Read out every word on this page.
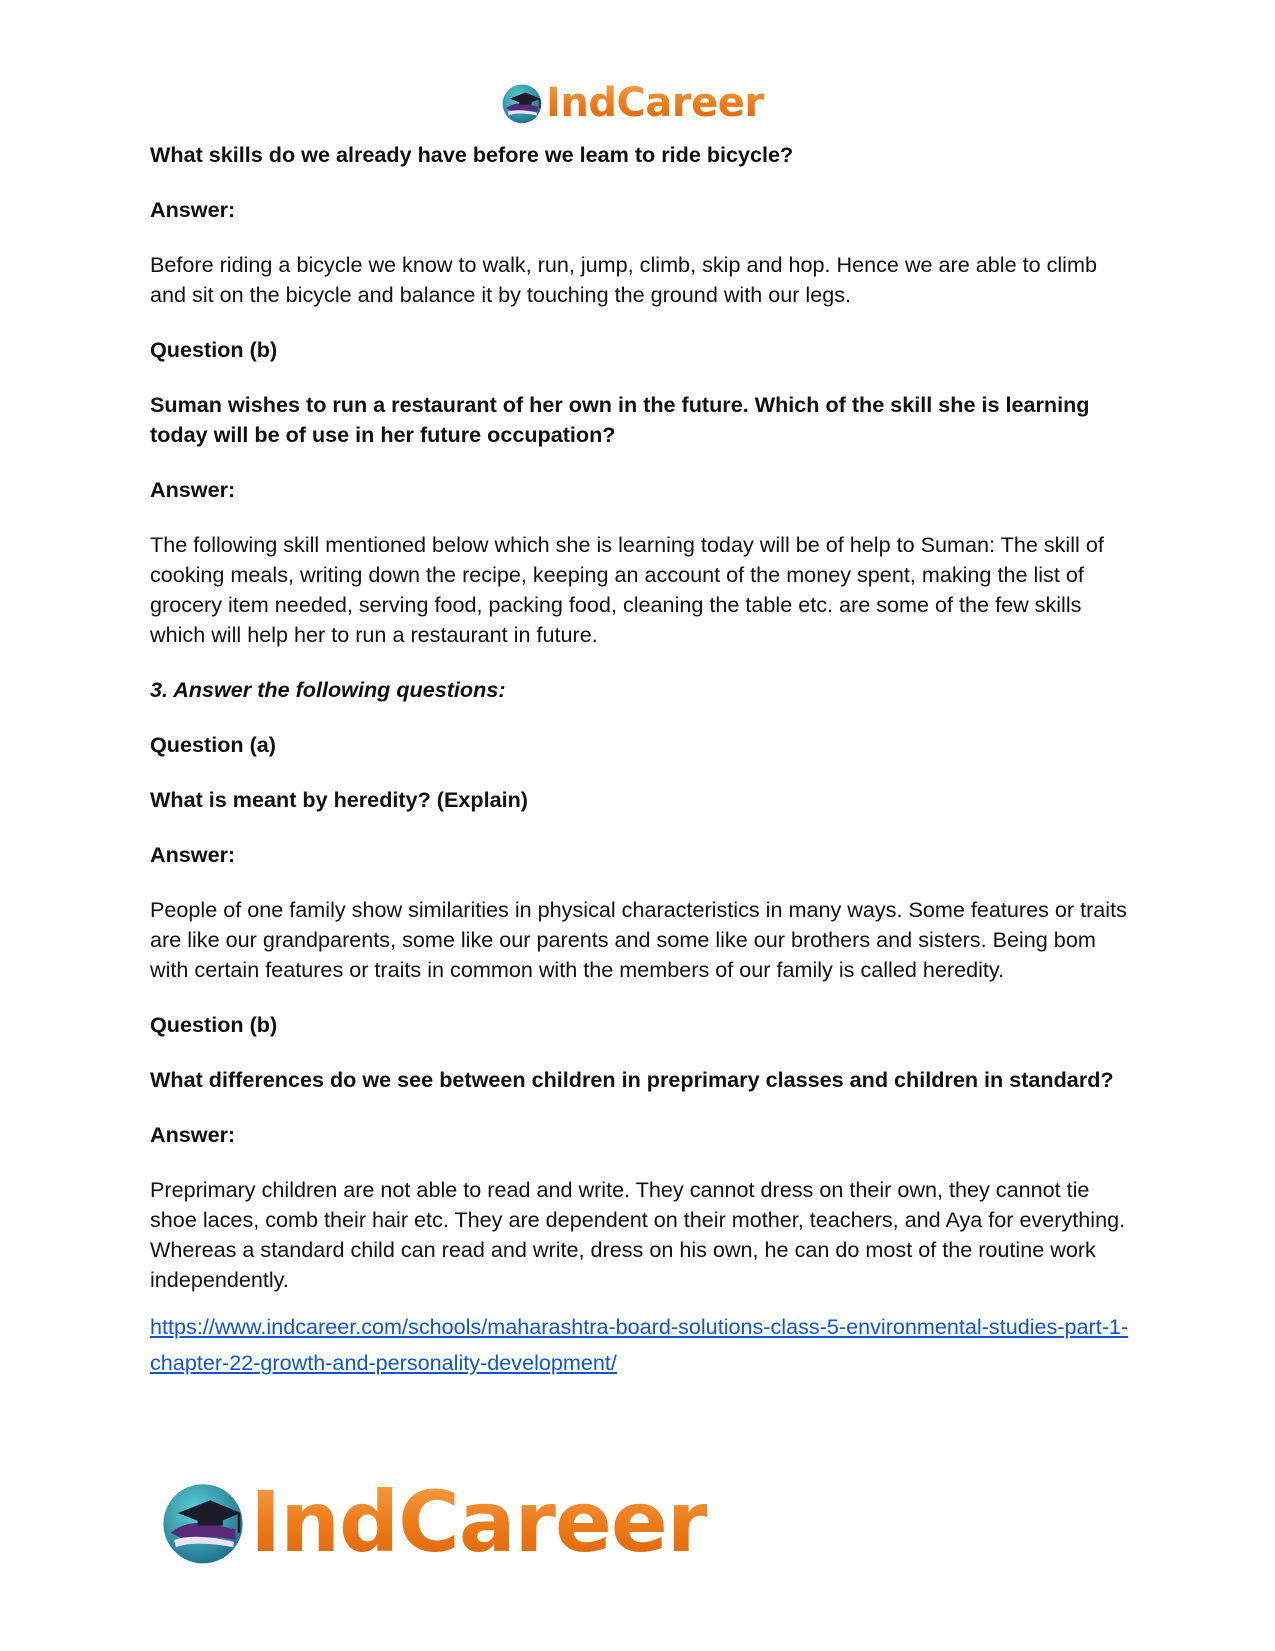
IndCareer

What skills do we already have before we leam to ride bicycle?

Answer:

Before riding a bicycle we know to walk, run, jump, climb, skip and hop. Hence we are able to climb and sit on the bicycle and balance it by touching the ground with our legs.

Question (b)

Suman wishes to run a restaurant of her own in the future. Which of the skill she is learning today will be of use in her future occupation?

Answer:

The following skill mentioned below which she is learning today will be of help to Suman: The skill of cooking meals, writing down the recipe, keeping an account of the money spent, making the list of grocery item needed, serving food, packing food, cleaning the table etc. are some of the few skills which will help her to run a restaurant in future.

3. Answer the following questions:

Question (a)

What is meant by heredity? (Explain)

Answer:

People of one family show similarities in physical characteristics in many ways. Some features or traits are like our grandparents, some like our parents and some like our brothers and sisters. Being bom with certain features or traits in common with the members of our family is called heredity.

Question (b)

What differences do we see between children in preprimary classes and children in standard?

Answer:

Preprimary children are not able to read and write. They cannot dress on their own, they cannot tie shoe laces, comb their hair etc. They are dependent on their mother, teachers, and Aya for everything. Whereas a standard child can read and write, dress on his own, he can do most of the routine work independently.

https://www.indcareer.com/schools/maharashtra-board-solutions-class-5-environmental-studies-part-1-chapter-22-growth-and-personality-development/

IndCareer
